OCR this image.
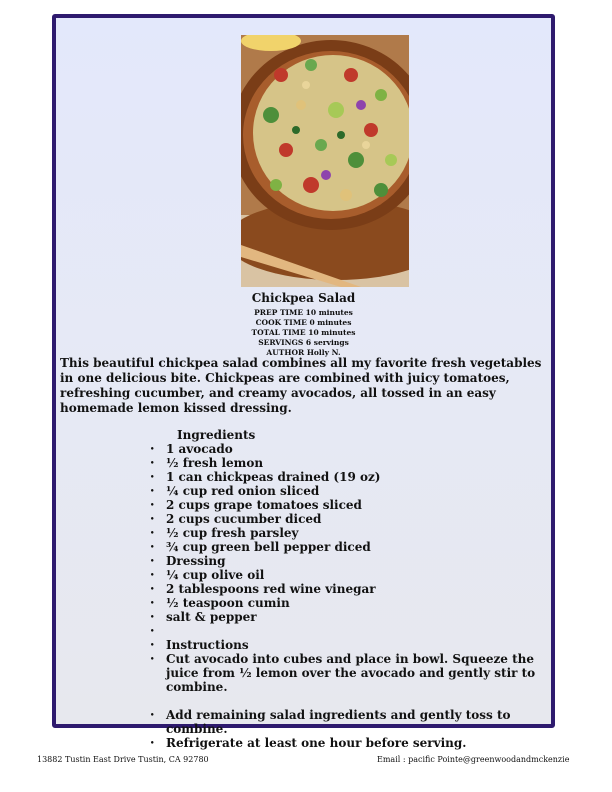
Chickpea Salad
PREP TIME 10 minutes
COOK TIME 0 minutes
TOTAL TIME 10 minutes
SERVINGS 6 servings
AUTHOR Holly N.

This beautiful chickpea salad combines all my favorite fresh vegetables in one delicious bite. Chickpeas are combined with juicy tomatoes, refreshing cucumber, and creamy avocados, all tossed in an easy homemade lemon kissed dressing.

Ingredients

• 1 avocado
• ½ fresh lemon
• 1 can chickpeas drained (19 oz)
• ¼ cup red onion sliced
• 2 cups grape tomatoes sliced
• 2 cups cucumber diced
• ½ cup fresh parsley
• ¾ cup green bell pepper diced
• Dressing
• ¼ cup olive oil
• 2 tablespoons red wine vinegar
• ½ teaspoon cumin
• salt & pepper
•
• Instructions
• Cut avocado into cubes and place in bowl. Squeeze the juice from ½ lemon over the avocado and gently stir to combine.
• Add remaining salad ingredients and gently toss to combine.
• Refrigerate at least one hour before serving.
13882 Tustin East Drive Tustin, CA 92780	Email : pacific Pointe@greenwoodandmckenzie
